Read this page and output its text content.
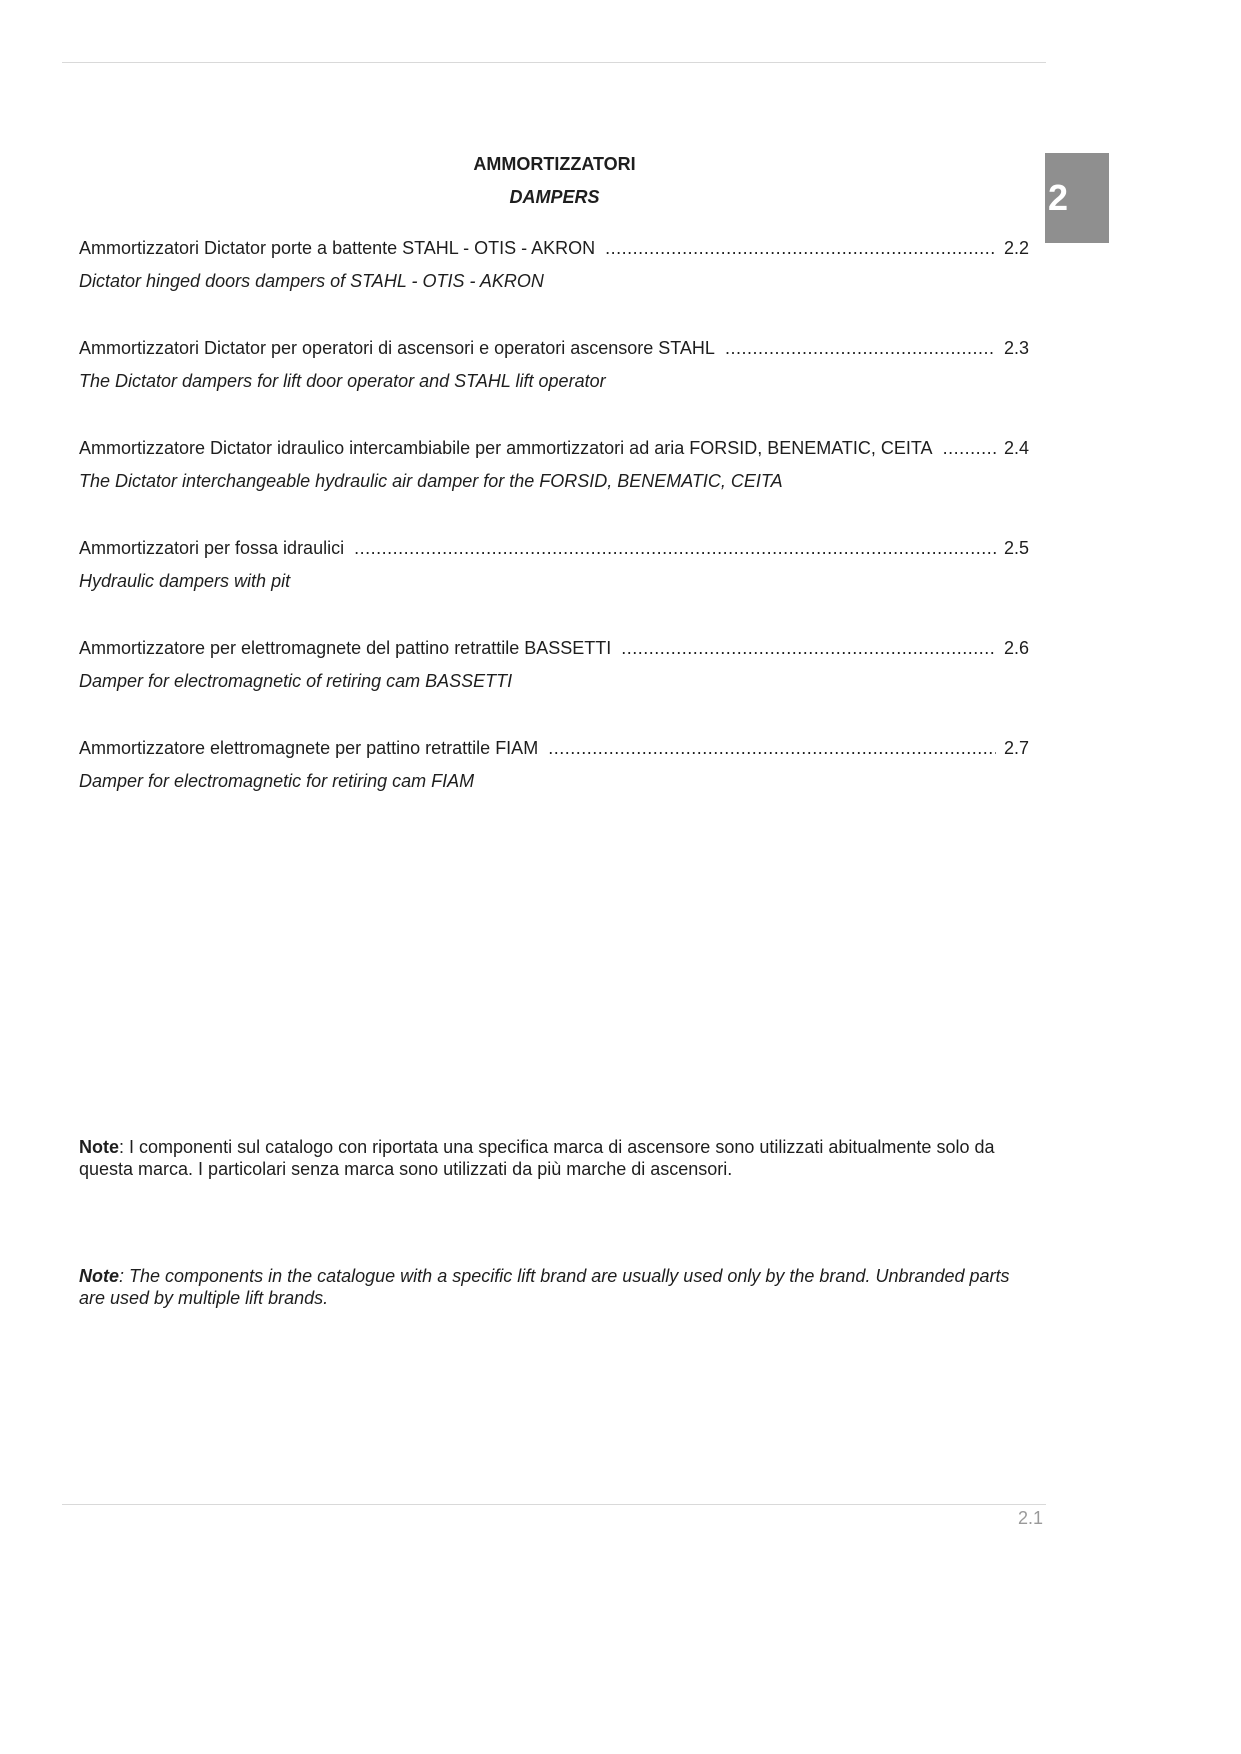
2
AMMORTIZZATORI
DAMPERS
Ammortizzatori Dictator porte a battente STAHL - OTIS - AKRON .....	2.2
Dictator hinged doors dampers of STAHL - OTIS - AKRON
Ammortizzatori Dictator per operatori di ascensori e operatori ascensore STAHL .....	2.3
The Dictator dampers for lift door operator and STAHL lift operator
Ammortizzatore Dictator idraulico intercambiabile per ammortizzatori ad aria FORSID, BENEMATIC, CEITA .....	2.4
The Dictator interchangeable hydraulic air damper for the FORSID, BENEMATIC, CEITA
Ammortizzatori per fossa idraulici .....	2.5
Hydraulic dampers with pit
Ammortizzatore per elettromagnete del pattino retrattile BASSETTI .....	2.6
Damper for electromagnetic of retiring cam BASSETTI
Ammortizzatore elettromagnete per pattino retrattile FIAM .....	2.7
Damper for electromagnetic for retiring cam FIAM

Note: I componenti sul catalogo con riportata una specifica marca di ascensore sono utilizzati abitualmente solo da questa marca. I particolari senza marca sono utilizzati da più marche di ascensori.

Note: The components in the catalogue with a specific lift brand are usually used only by the brand. Unbranded parts are used by multiple lift brands.

2.1
